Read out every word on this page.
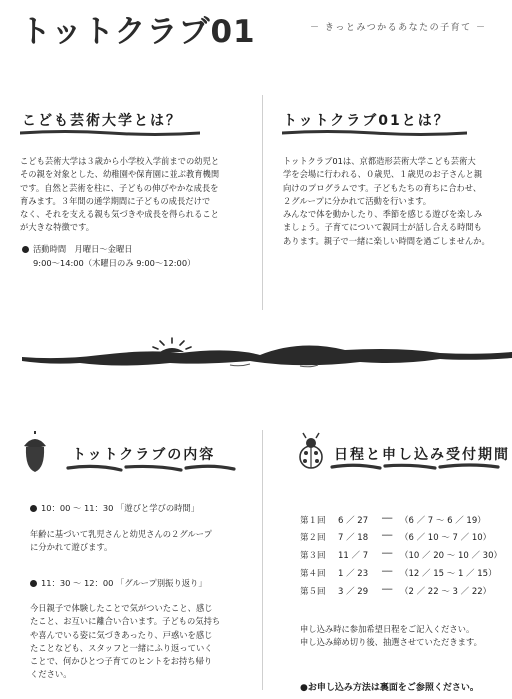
トットクラブ01	－ きっとみつかるあなたの子育て －
こども芸術大学とは？
こども芸術大学は３歳から小学校入学前までの幼児と
その親を対象とした、幼稚園や保育園に並ぶ教育機関
です。自然と芸術を柱に、子どもの伸びやかな成長を
育みます。３年間の通学期間に子どもの成長だけで
なく、それを支える親も気づきや成長を得られること
が大きな特徴です。
活動時間　月曜日～金曜日
9:00～14:00（木曜日のみ 9:00～12:00）
トットクラブ01とは？
トットクラブ01は、京都造形芸術大学こども芸術大
学を会場に行われる、０歳児、１歳児のお子さんと親
向けのプログラムです。子どもたちの育ちに合わせ、
２グループに分かれて活動を行います。
みんなで体を動かしたり、季節を感じる遊びを楽しみ
ましょう。子育てについて親同士が話し合える時間も
あります。親子で一緒に楽しい時間を過ごしませんか。
トットクラブの内容
10：00 ～ 11：30 「遊びと学びの時間」
年齢に基づいて乳児さんと幼児さんの２グループ
に分かれて遊びます。
11：30 ～ 12：00 「グループ別振り返り」
今日親子で体験したことで気がついたこと、感じ
たこと、お互いに離合い合います。子どもの気持ち
や喜んでいる姿に気づきあったり、戸惑いを感じ
たことなども、スタッフと一緒にふり返っていく
ことで、何かひとつ子育てのヒントをお持ち帰り
ください。
日程と申し込み受付期間
第１回 6 ／ 27 ── （6 ／ 7 ～ 6 ／ 19）
第２回 7 ／ 18 ── （6 ／ 10 ～ 7 ／ 10）
第３回 11 ／ 7 ── （10 ／ 20 ～ 10 ／ 30）
第４回 1 ／ 23 ── （12 ／ 15 ～ 1 ／ 15）
第５回 3 ／ 29 ── （2 ／ 22 ～ 3 ／ 22）
申し込み時に参加希望日程をご記入ください。
申し込み締め切り後、抽選させていただきます。
●お申し込み方法は裏面をご参照ください。
